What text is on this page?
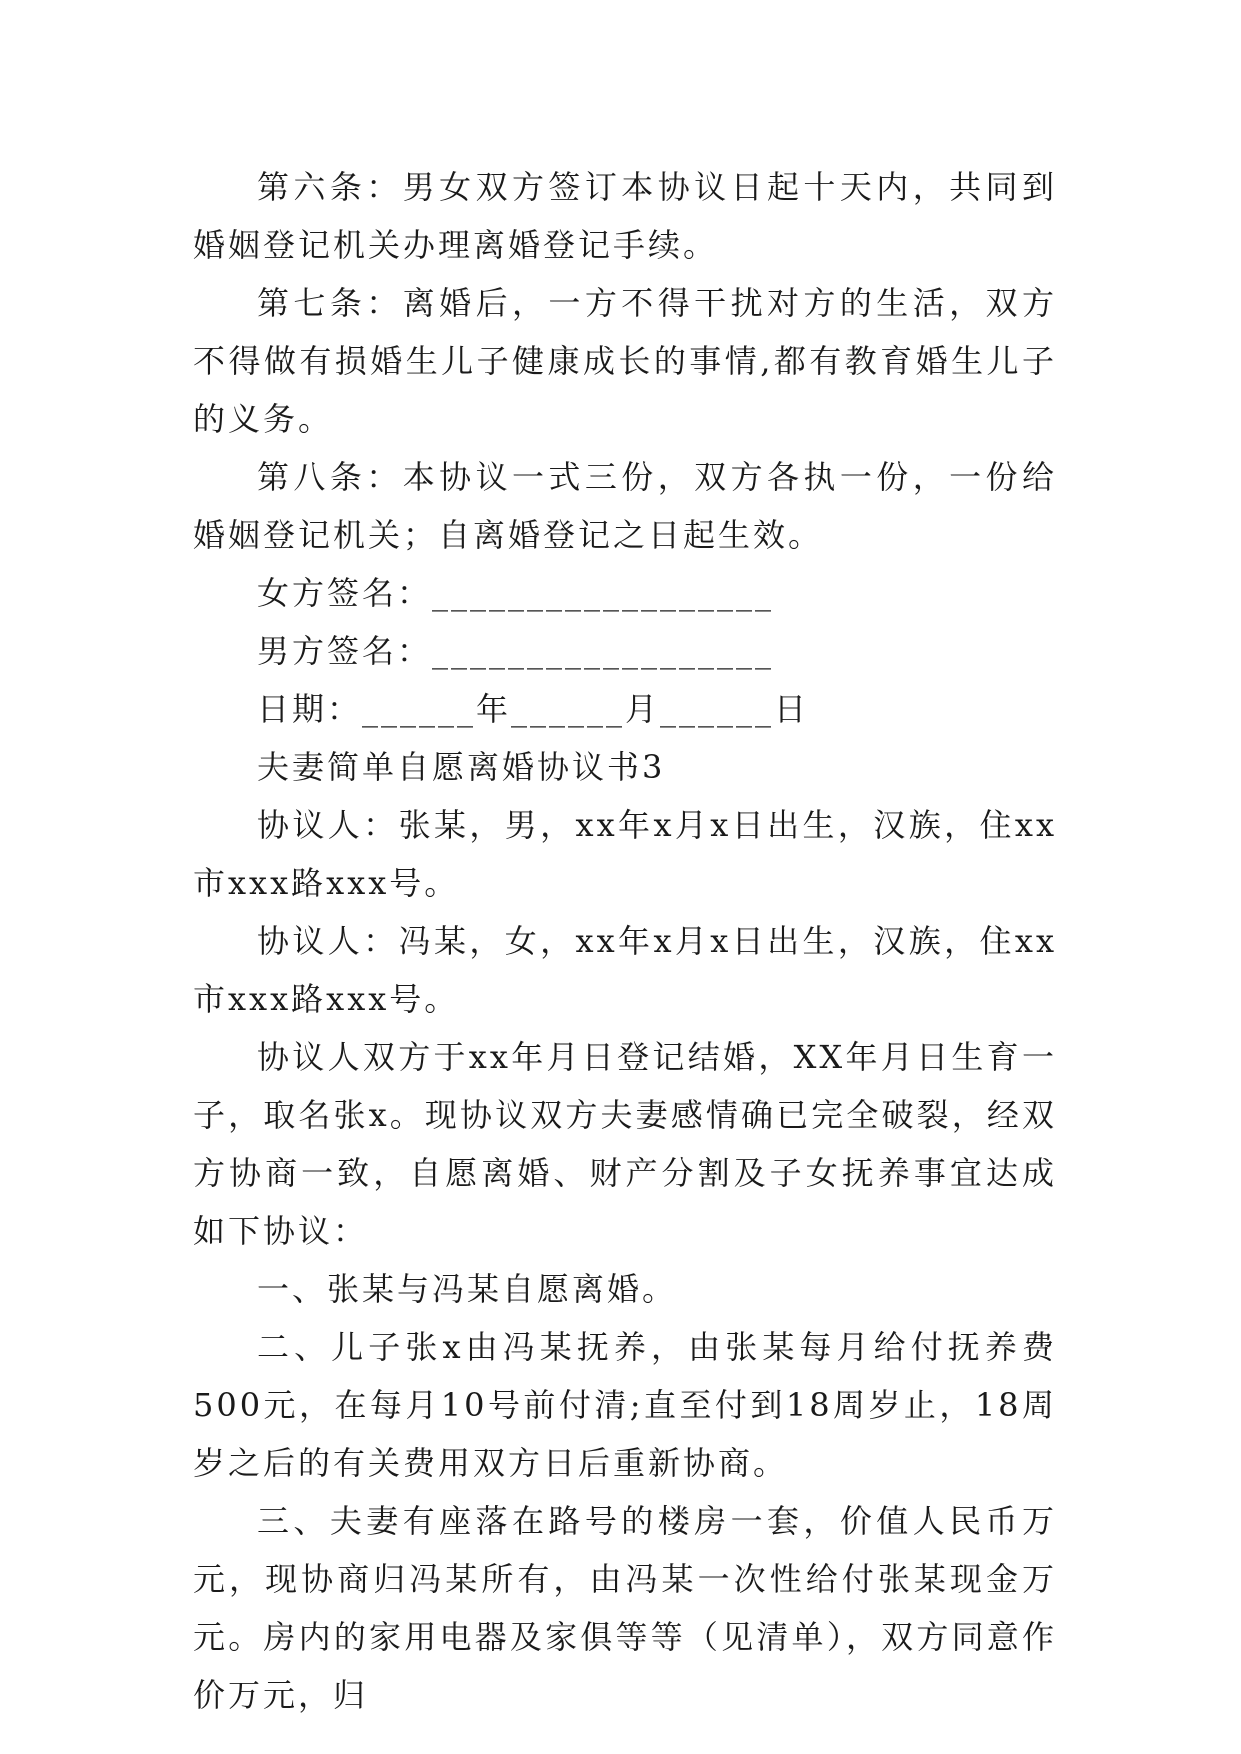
第六条：男女双方签订本协议日起十天内，共同到婚姻登记机关办理离婚登记手续。

第七条：离婚后，一方不得干扰对方的生活，双方不得做有损婚生儿子健康成长的事情,都有教育婚生儿子的义务。

第八条：本协议一式三份，双方各执一份，一份给婚姻登记机关；自离婚登记之日起生效。

女方签名：__________________

男方签名：__________________

日期：______年______月______日

夫妻简单自愿离婚协议书3

协议人：张某，男，xx年x月x日出生，汉族，住xx市xxx路xxx号。

协议人：冯某，女，xx年x月x日出生，汉族，住xx市xxx路xxx号。

协议人双方于xx年月日登记结婚，XX年月日生育一子，取名张x。现协议双方夫妻感情确已完全破裂，经双方协商一致，自愿离婚、财产分割及子女抚养事宜达成如下协议：

一、张某与冯某自愿离婚。

二、儿子张x由冯某抚养，由张某每月给付抚养费500元，在每月10号前付清;直至付到18周岁止，18周岁之后的有关费用双方日后重新协商。

三、夫妻有座落在路号的楼房一套，价值人民币万元，现协商归冯某所有，由冯某一次性给付张某现金万元。房内的家用电器及家俱等等（见清单），双方同意作价万元，归
